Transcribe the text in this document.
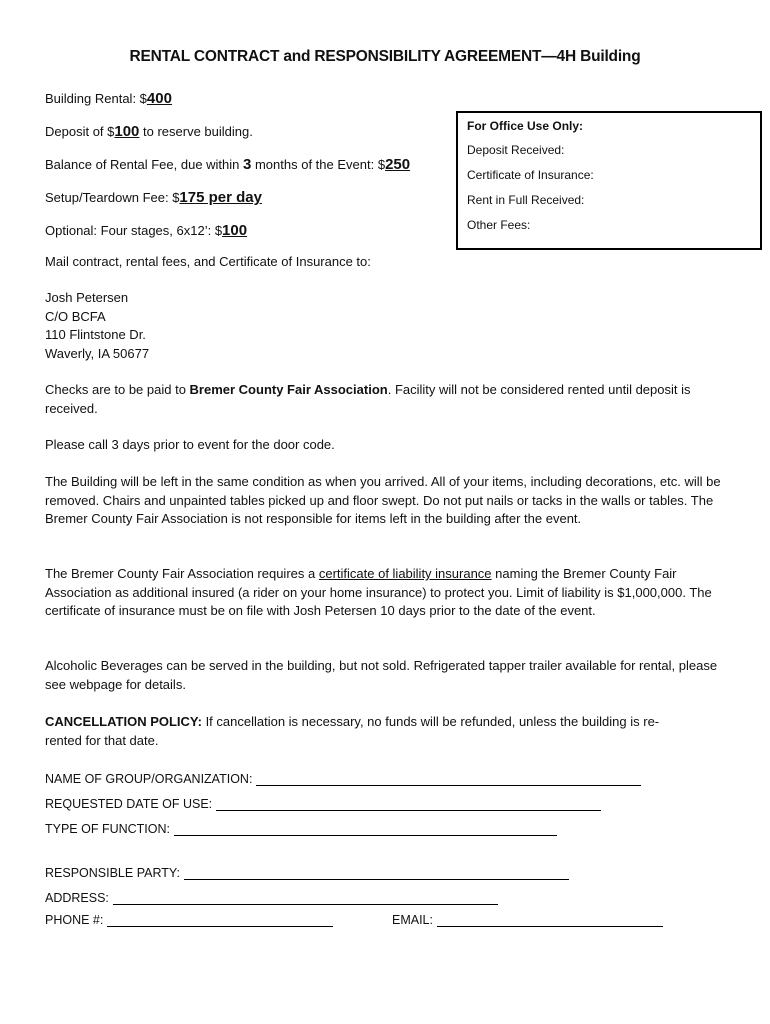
RENTAL CONTRACT and RESPONSIBILITY AGREEMENT—4H Building
Building Rental: $400
Deposit of $100 to reserve building.
Balance of Rental Fee, due within 3 months of the Event: $250
Setup/Teardown Fee: $175 per day
Optional: Four stages, 6x12’: $100
Mail contract, rental fees, and Certificate of Insurance to:
For Office Use Only:
Deposit Received:
Certificate of Insurance:
Rent in Full Received:
Other Fees:
Josh Petersen
C/O BCFA
110 Flintstone Dr.
Waverly, IA 50677
Checks are to be paid to Bremer County Fair Association. Facility will not be considered rented until deposit is received.
Please call 3 days prior to event for the door code.
The Building will be left in the same condition as when you arrived. All of your items, including decorations, etc. will be removed. Chairs and unpainted tables picked up and floor swept. Do not put nails or tacks in the walls or tables. The Bremer County Fair Association is not responsible for items left in the building after the event.
The Bremer County Fair Association requires a certificate of liability insurance naming the Bremer County Fair Association as additional insured (a rider on your home insurance) to protect you. Limit of liability is $1,000,000. The certificate of insurance must be on file with Josh Petersen 10 days prior to the date of the event.
Alcoholic Beverages can be served in the building, but not sold. Refrigerated tapper trailer available for rental, please see webpage for details.
CANCELLATION POLICY: If cancellation is necessary, no funds will be refunded, unless the building is re-rented for that date.
NAME OF GROUP/ORGANIZATION:
REQUESTED DATE OF USE:
TYPE OF FUNCTION:
RESPONSIBLE PARTY:
ADDRESS:
PHONE #:	EMAIL:
